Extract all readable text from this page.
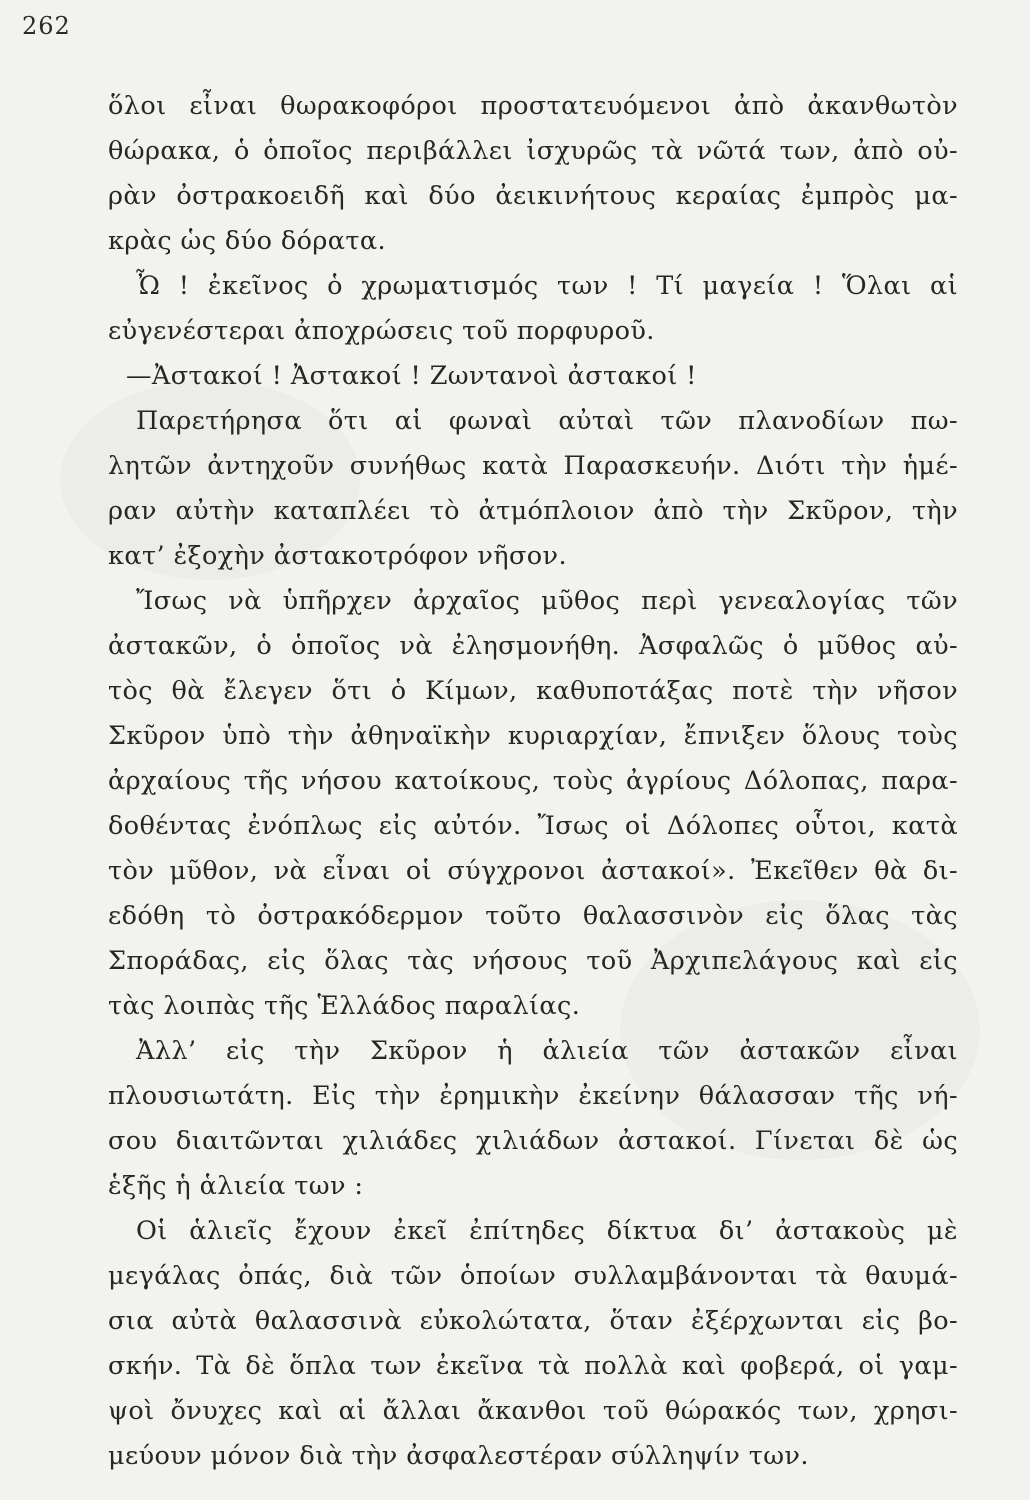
262
ὅλοι εἶναι θωρακοφόροι προστατευόμενοι ἀπὸ ἀκανθωτὸν
θώρακα, ὁ ὁποῖος περιβάλλει ἰσχυρῶς τὰ νῶτά των, ἀπὸ οὐ-
ρὰν ὀστρακοειδῆ καὶ δύο ἀεικινήτους κεραίας ἐμπρὸς μα-
κρὰς ὡς δύο δόρατα.
Ὦ ! ἐκεῖνος ὁ χρωματισμός των ! Τί μαγεία ! Ὅλαι αἱ
εὐγενέστεραι ἀποχρώσεις τοῦ πορφυροῦ.
—Ἀστακοί ! Ἀστακοί ! Ζωντανοὶ ἀστακοί !
Παρετήρησα ὅτι αἱ φωναὶ αὐταὶ τῶν πλανοδίων πω-
λητῶν ἀντηχοῦν συνήθως κατὰ Παρασκευήν. Διότι τὴν ἡμέ-
ραν αὐτὴν καταπλέει τὸ ἀτμόπλοιον ἀπὸ τὴν Σκῦρον, τὴν
κατ’ ἐξοχὴν ἀστακοτρόφον νῆσον.
Ἴσως νὰ ὑπῆρχεν ἀρχαῖος μῦθος περὶ γενεαλογίας τῶν
ἀστακῶν, ὁ ὁποῖος νὰ ἐλησμονήθη. Ἀσφαλῶς ὁ μῦθος αὐ-
τὸς θὰ ἔλεγεν ὅτι ὁ Κίμων, καθυποτάξας ποτὲ τὴν νῆσον
Σκῦρον ὑπὸ τὴν ἀθηναϊκὴν κυριαρχίαν, ἔπνιξεν ὅλους τοὺς
ἀρχαίους τῆς νήσου κατοίκους, τοὺς ἀγρίους Δόλοπας, παρα-
δοθέντας ἐνόπλως εἰς αὐτόν. Ἴσως οἱ Δόλοπες οὗτοι, κατὰ
τὸν μῦθον, νὰ εἶναι οἱ σύγχρονοι ἀστακοί». Ἐκεῖθεν θὰ δι-
εδόθη τὸ ὀστρακόδερμον τοῦτο θαλασσινὸν εἰς ὅλας τὰς
Σποράδας, εἰς ὅλας τὰς νήσους τοῦ Ἀρχιπελάγους καὶ εἰς
τὰς λοιπὰς τῆς Ἑλλάδος παραλίας.
Ἀλλ’ εἰς τὴν Σκῦρον ἡ ἁλιεία τῶν ἀστακῶν εἶναι
πλουσιωτάτη. Εἰς τὴν ἐρημικὴν ἐκείνην θάλασσαν τῆς νή-
σου διαιτῶνται χιλιάδες χιλιάδων ἀστακοί. Γίνεται δὲ ὡς
ἑξῆς ἡ ἁλιεία των :
Οἱ ἁλιεῖς ἔχουν ἐκεῖ ἐπίτηδες δίκτυα δι’ ἀστακοὺς μὲ
μεγάλας ὀπάς, διὰ τῶν ὁποίων συλλαμβάνονται τὰ θαυμά-
σια αὐτὰ θαλασσινὰ εὐκολώτατα, ὅταν ἐξέρχωνται εἰς βο-
σκήν. Τὰ δὲ ὅπλα των ἐκεῖνα τὰ πολλὰ καὶ φοβερά, οἱ γαμ-
ψοὶ ὄνυχες καὶ αἱ ἄλλαι ἄκανθοι τοῦ θώρακός των, χρησι-
μεύουν μόνον διὰ τὴν ἀσφαλεστέραν σύλληψίν των.
